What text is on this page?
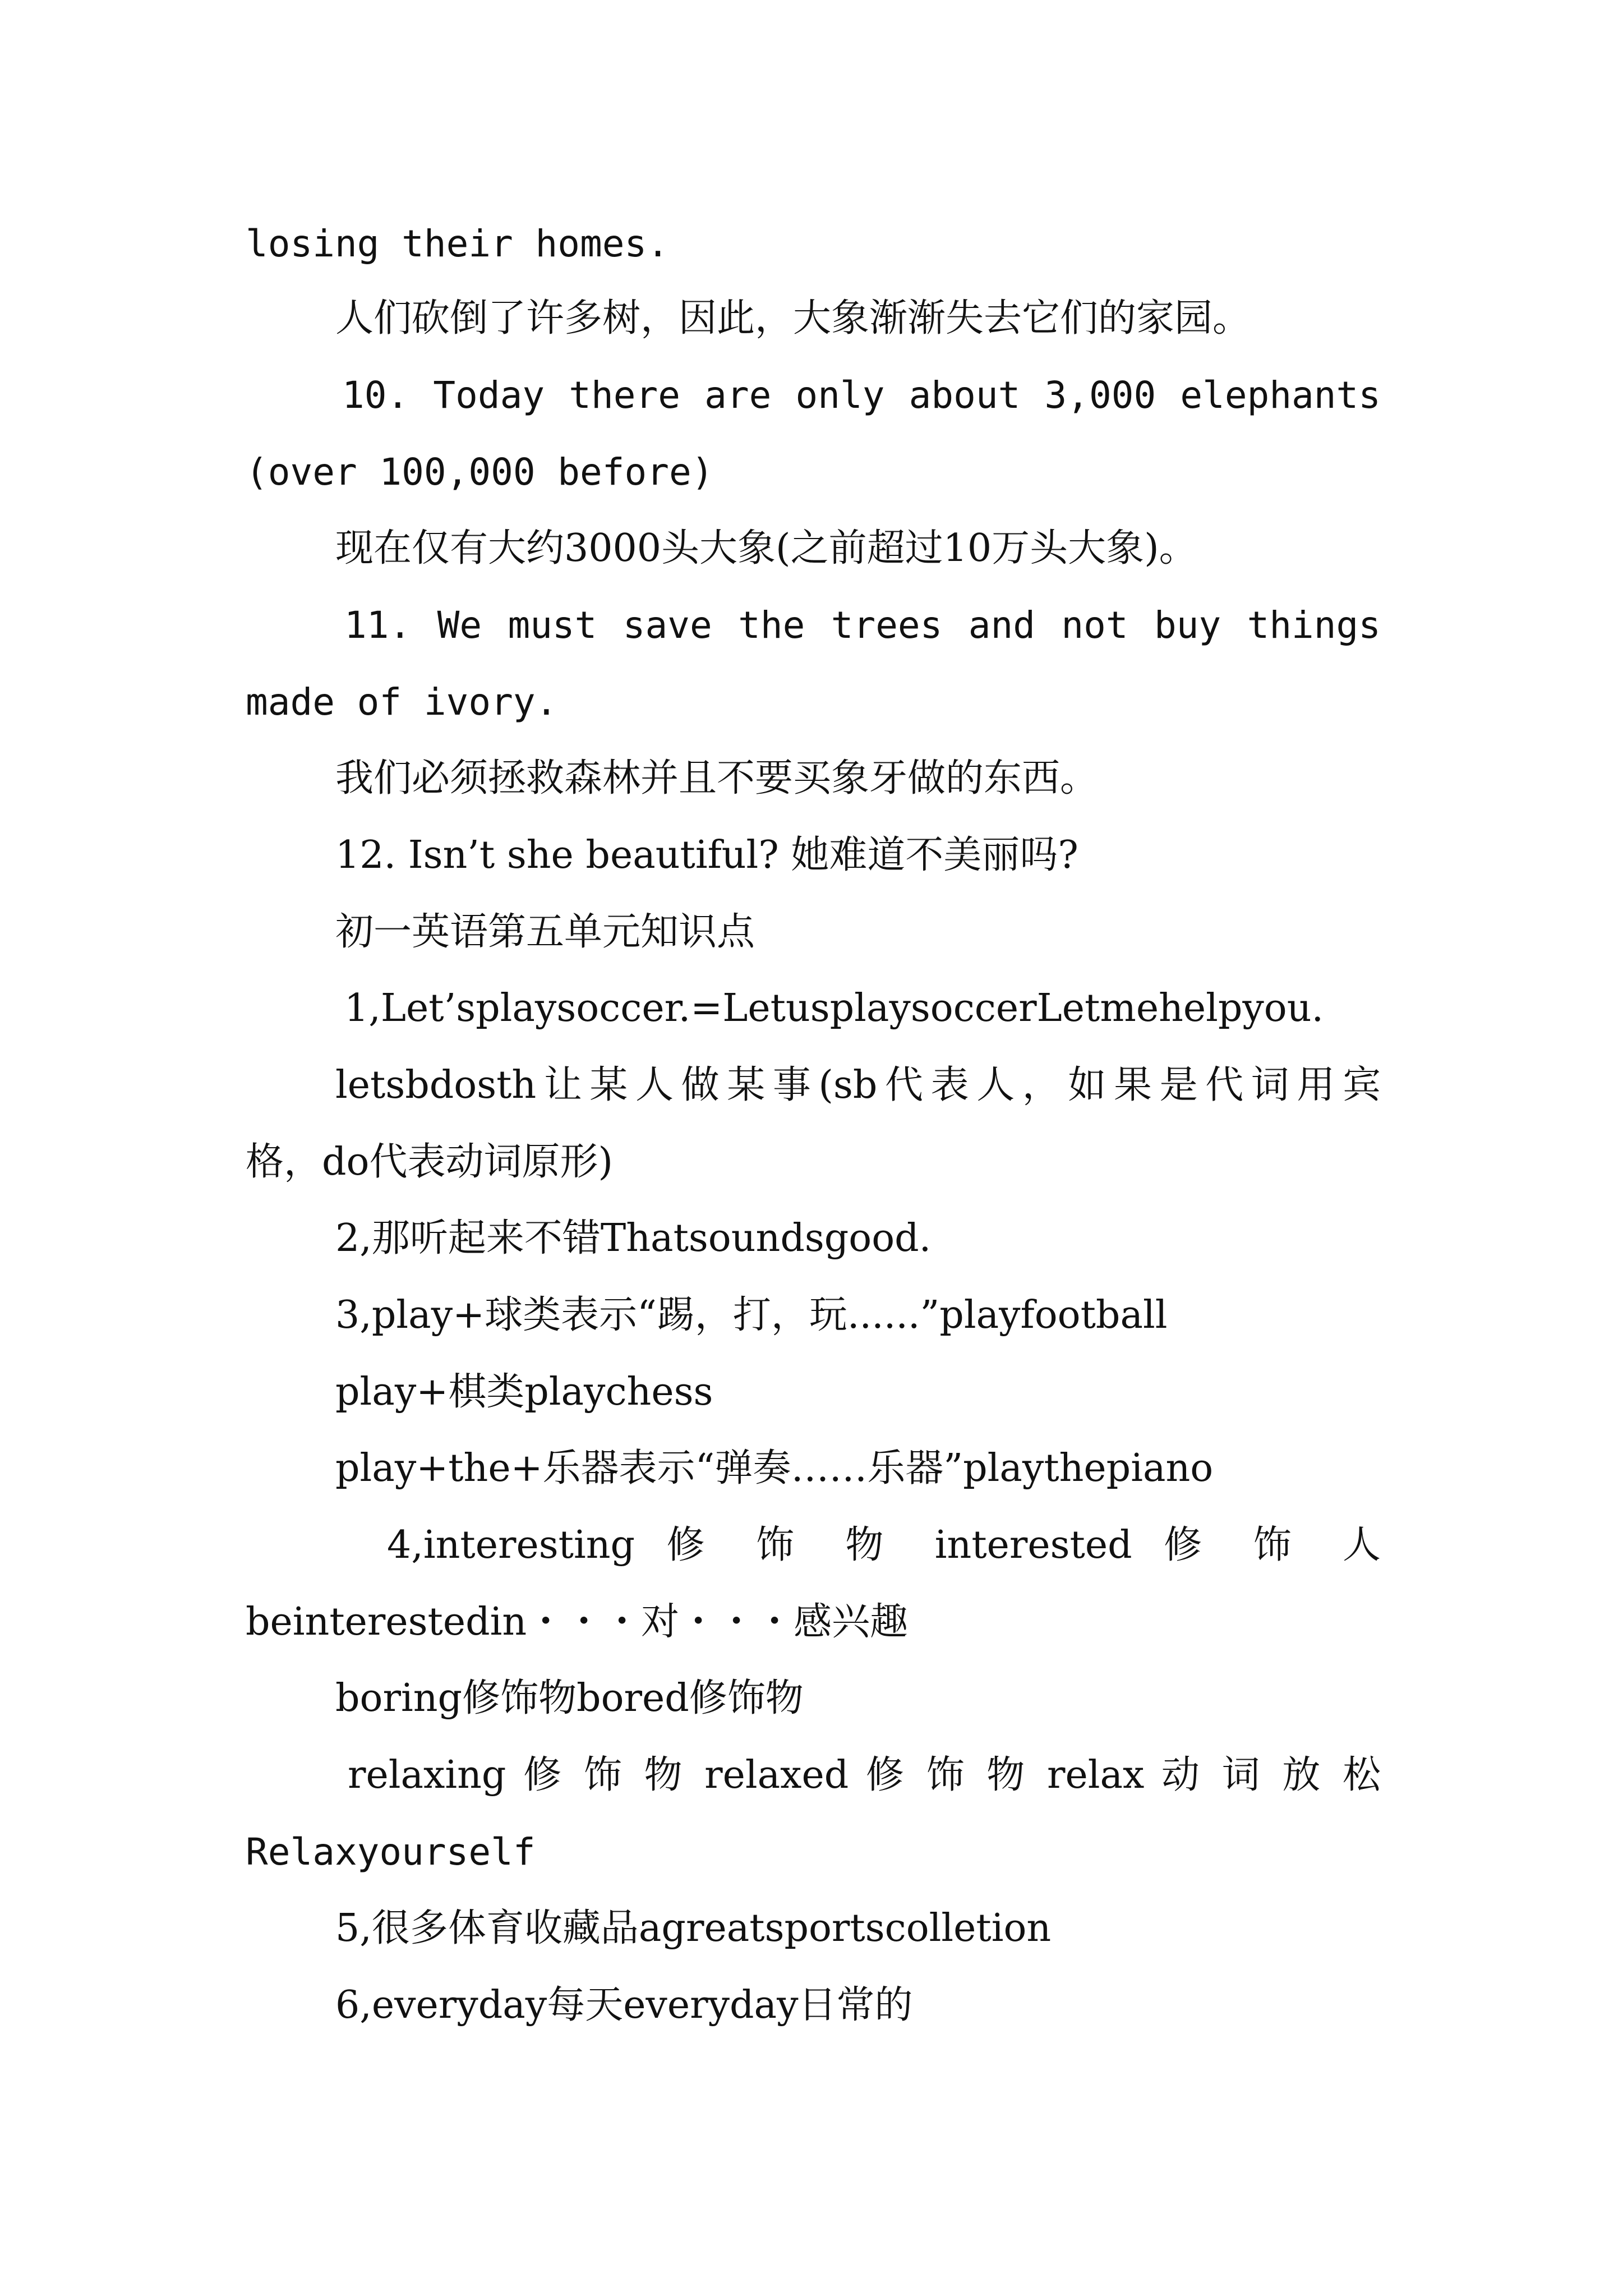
losing their homes.
人们砍倒了许多树，因此，大象渐渐失去它们的家园。
10. Today there are only about 3,000 elephants
(over 100,000 before)
现在仅有大约3000头大象(之前超过10万头大象)。
11. We must save the trees and not buy things
made of ivory.
我们必须拯救森林并且不要买象牙做的东西。
12. Isn’t she beautiful? 她难道不美丽吗?
初一英语第五单元知识点
1,Let’splaysoccer.=LetusplaysoccerLetmehelpyou.
letsbdosth让某人做某事(sb代表人，如果是代词用宾
格，do代表动词原形)
2,那听起来不错Thatsoundsgood.
3,play+球类表示“踢，打，玩......”playfootball
play+棋类playchess
play+the+乐器表示“弹奏……乐器”playthepiano
4,interesting 修 饰 物 interested 修 饰 人
beinterestedin・・・对・・・感兴趣
boring修饰物bored修饰物
relaxing 修 饰 物 relaxed 修 饰 物 relax 动 词 放 松
Relaxyourself
5,很多体育收藏品agreatsportscolletion
6,everyday每天everyday日常的
